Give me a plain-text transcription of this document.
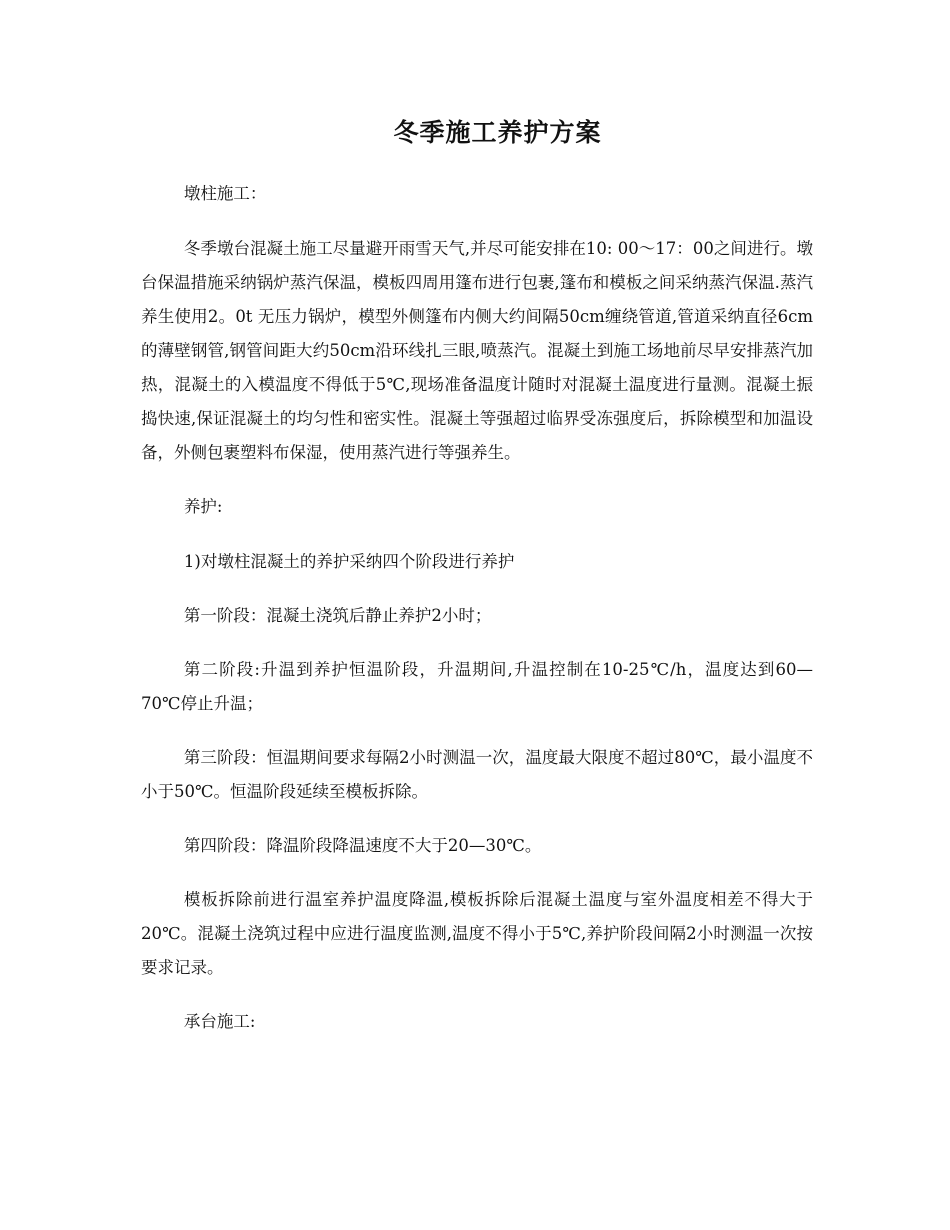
冬季施工养护方案

墩柱施工：

冬季墩台混凝土施工尽量避开雨雪天气,并尽可能安排在10: 00～17：00之间进行。墩台保温措施采纳锅炉蒸汽保温，模板四周用篷布进行包裹,篷布和模板之间采纳蒸汽保温.蒸汽养生使用2。0t 无压力锅炉，模型外侧篷布内侧大约间隔50cm缠绕管道,管道采纳直径6cm的薄壁钢管,钢管间距大约50cm沿环线扎三眼,喷蒸汽。混凝土到施工场地前尽早安排蒸汽加热，混凝土的入模温度不得低于5℃,现场准备温度计随时对混凝土温度进行量测。混凝土振捣快速,保证混凝土的均匀性和密实性。混凝土等强超过临界受冻强度后，拆除模型和加温设备，外侧包裹塑料布保湿，使用蒸汽进行等强养生。

养护:

1)对墩柱混凝土的养护采纳四个阶段进行养护

第一阶段：混凝土浇筑后静止养护2小时；

第二阶段:升温到养护恒温阶段，升温期间,升温控制在10-25℃/h，温度达到60—70℃停止升温；

第三阶段：恒温期间要求每隔2小时测温一次，温度最大限度不超过80℃，最小温度不小于50℃。恒温阶段延续至模板拆除。

第四阶段：降温阶段降温速度不大于20—30℃。

模板拆除前进行温室养护温度降温,模板拆除后混凝土温度与室外温度相差不得大于20℃。混凝土浇筑过程中应进行温度监测,温度不得小于5℃,养护阶段间隔2小时测温一次按要求记录。

承台施工:
